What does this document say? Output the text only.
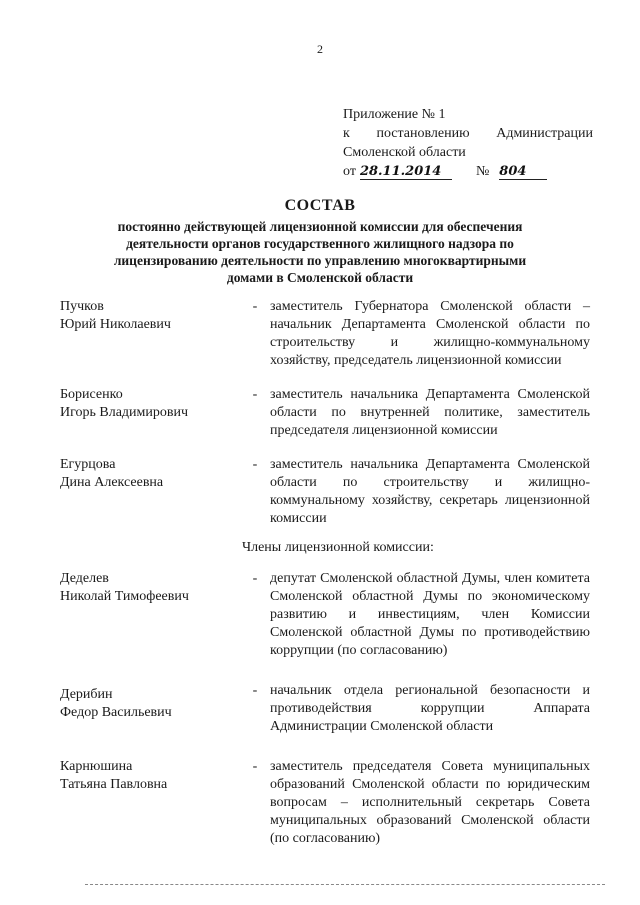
2
Приложение № 1
к постановлению Администрации
Смоленской области
от 28.11.2014	№ 804
СОСТАВ
постоянно действующей лицензионной комиссии для обеспечения деятельности органов государственного жилищного надзора по лицензированию деятельности по управлению многоквартирными домами в Смоленской области
Пучков
Юрий Николаевич
- заместитель Губернатора Смоленской области – начальник Департамента Смоленской области по строительству и жилищно-коммунальному хозяйству, председатель лицензионной комиссии
Борисенко
Игорь Владимирович
- заместитель начальника Департамента Смоленской области по внутренней политике, заместитель председателя лицензионной комиссии
Егурцова
Дина Алексеевна
- заместитель начальника Департамента Смоленской области по строительству и жилищно-коммунальному хозяйству, секретарь лицензионной комиссии
Члены лицензионной комиссии:
Деделев
Николай Тимофеевич
- депутат Смоленской областной Думы, член комитета Смоленской областной Думы по экономическому развитию и инвестициям, член Комиссии Смоленской областной Думы по противодействию коррупции (по согласованию)
Дерибин
Федор Васильевич
- начальник отдела региональной безопасности и противодействия коррупции Аппарата Администрации Смоленской области
Карнюшина
Татьяна Павловна
- заместитель председателя Совета муниципальных образований Смоленской области по юридическим вопросам – исполнительный секретарь Совета муниципальных образований Смоленской области (по согласованию)
